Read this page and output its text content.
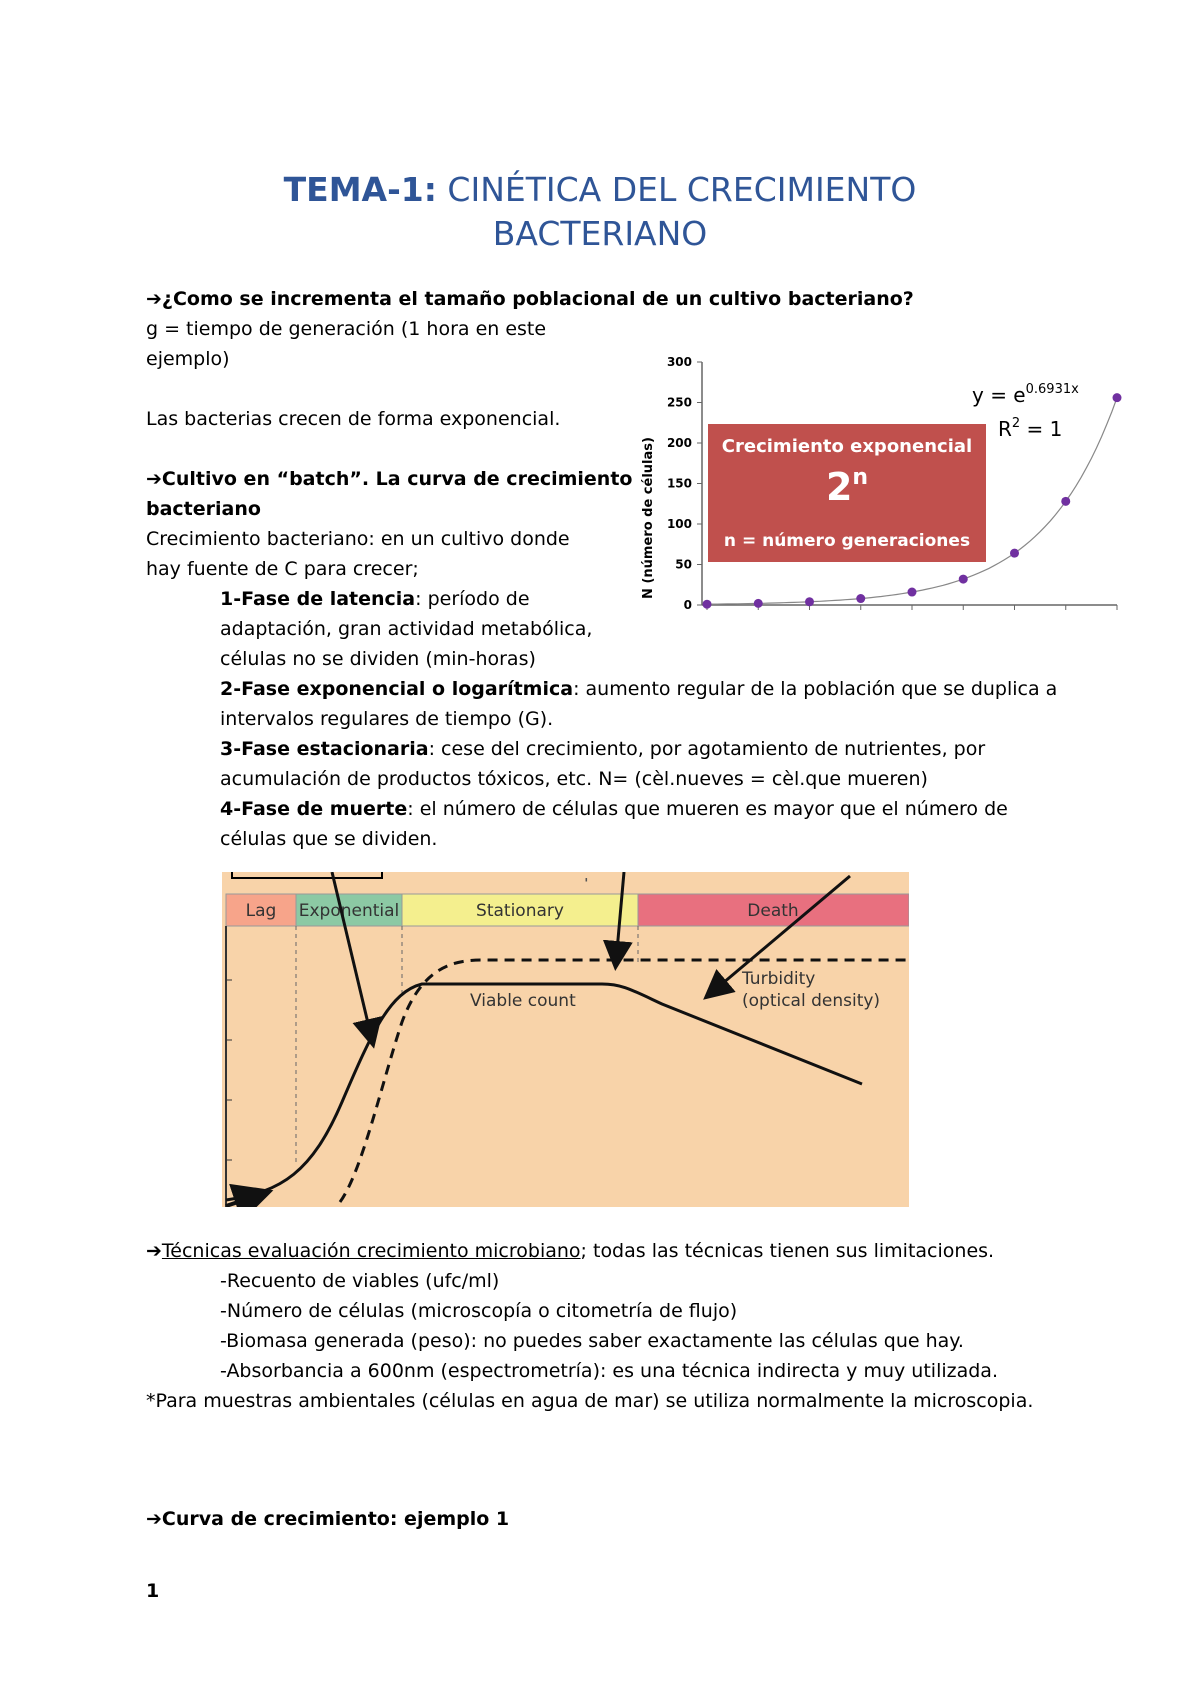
TEMA-1: CINÉTICA DEL CRECIMIENTO
BACTERIANO
➔¿Como se incrementa el tamaño poblacional de un cultivo bacteriano?
g = tiempo de generación (1 hora en este
ejemplo)
Las bacterias crecen de forma exponencial.
➔Cultivo en “batch”. La curva de crecimiento
bacteriano
Crecimiento bacteriano: en un cultivo donde
hay fuente de C para crecer;
1-Fase de latencia: período de
adaptación, gran actividad metabólica,
células no se dividen (min-horas)
2-Fase exponencial o logarítmica: aumento regular de la población que se duplica a
intervalos regulares de tiempo (G).
3-Fase estacionaria: cese del crecimiento, por agotamiento de nutrientes, por
acumulación de productos tóxicos, etc. N= (cèl.nueves = cèl.que mueren)
4-Fase de muerte: el número de células que mueren es mayor que el número de
células que se dividen.
0
50
100
150
200
250
300
N (número de células)
$y = e^{0.6931x}$
$R^2 = 1$
Crecimiento exponencial
2$^n$
n = número generaciones
Lag Exponential	Stationary	Death
Viable count
Turbidity
(optical density)
➔Técnicas evaluación crecimiento microbiano; todas las técnicas tienen sus limitaciones.
-Recuento de viables (ufc/ml)
-Número de células (microscopía o citometría de flujo)
-Biomasa generada (peso): no puedes saber exactamente las células que hay.
-Absorbancia a 600nm (espectrometría): es una técnica indirecta y muy utilizada.
*Para muestras ambientales (células en agua de mar) se utiliza normalmente la microscopia.
➔Curva de crecimiento: ejemplo 1
1
